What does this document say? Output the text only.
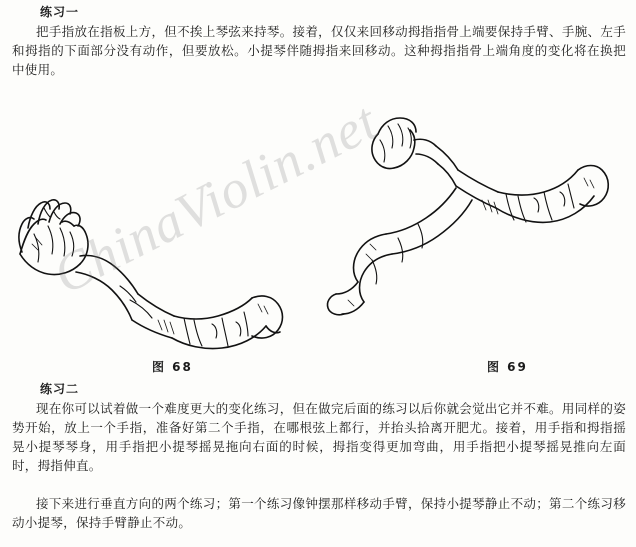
练习一
把手指放在指板上方，但不挨上琴弦来持琴。接着，仅仅来回移动拇指指骨上端要保持手臂、手腕、左手和拇指的下面部分没有动作，但要放松。小提琴伴随拇指来回移动。这种拇指指骨上端角度的变化将在换把中使用。
ChinaViolin.net
图 68	图 69
练习二
现在你可以试着做一个难度更大的变化练习，但在做完后面的练习以后你就会觉出它并不难。用同样的姿势开始，放上一个手指，准备好第二个手指，在哪根弦上都行，并抬头拾离开肥尤。接着，用手指和拇指摇晃小提琴琴身，用手指把小提琴摇晃拖向右面的时候，拇指变得更加弯曲，用手指把小提琴摇晃推向左面时，拇指伸直。
接下来进行垂直方向的两个练习；第一个练习像钟摆那样移动手臂，保持小提琴静止不动；第二个练习移动小提琴，保持手臂静止不动。
